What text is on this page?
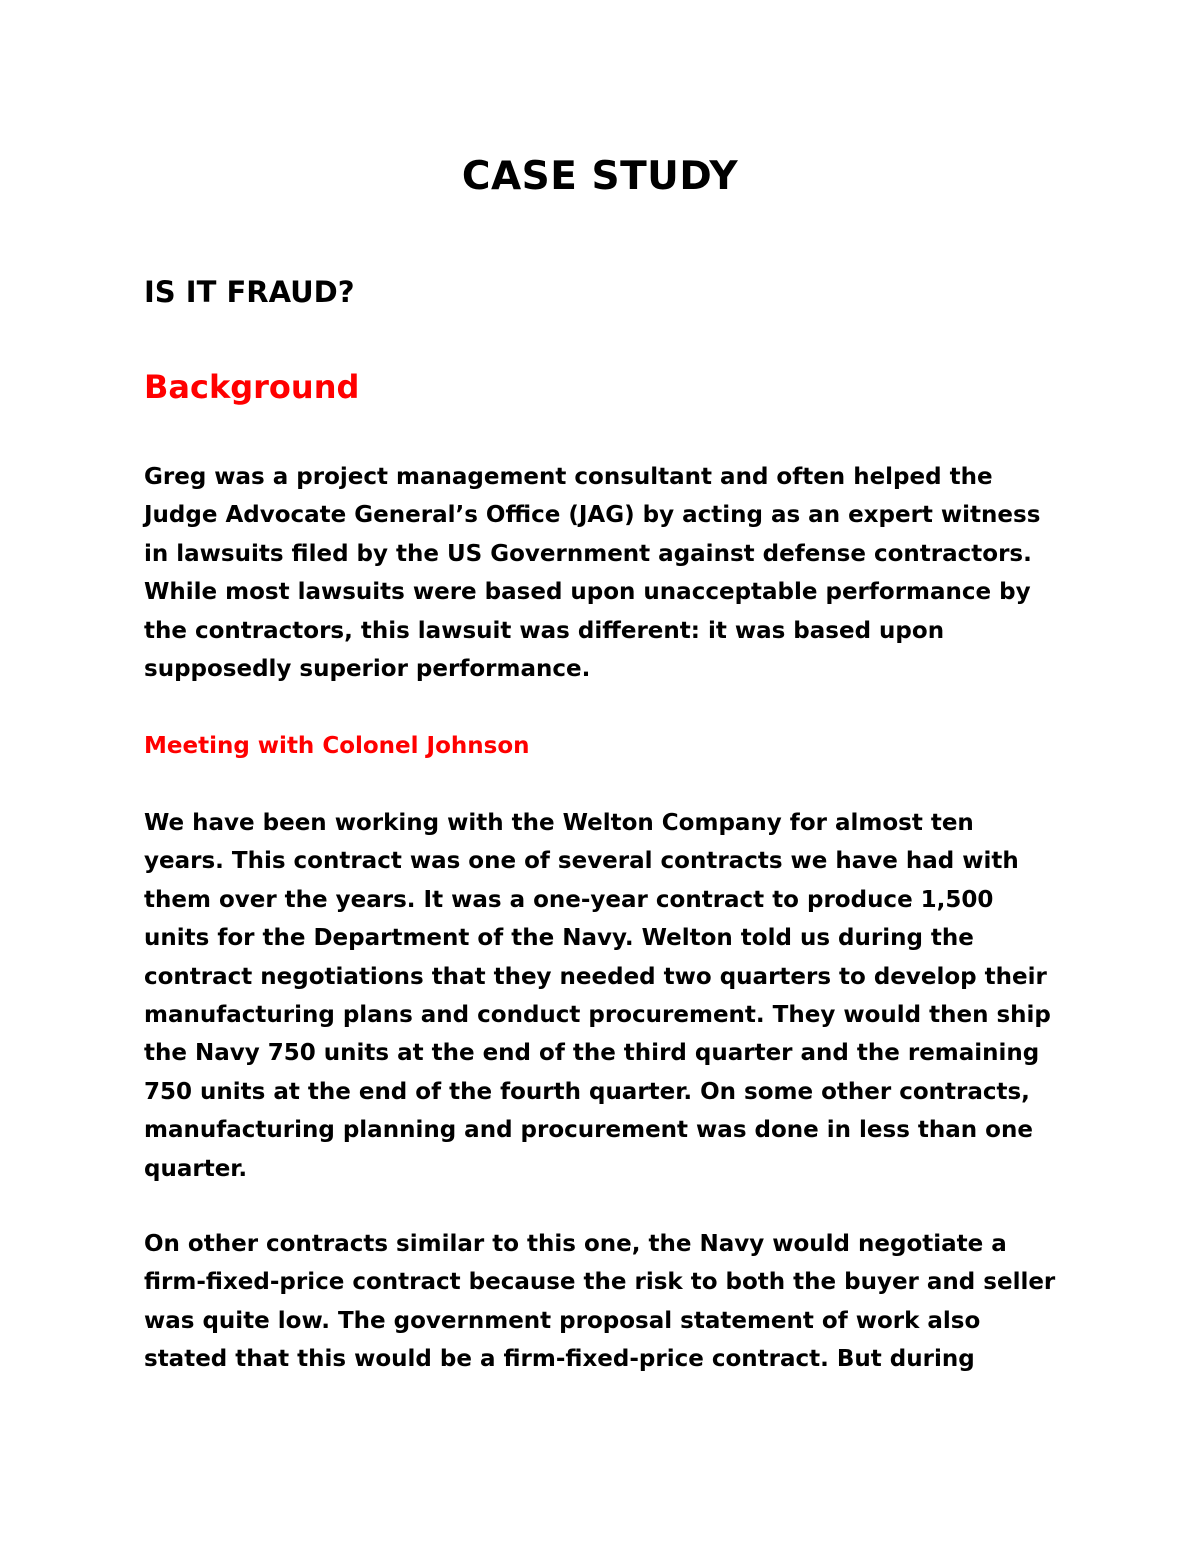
CASE STUDY
IS IT FRAUD?
Background
Greg was a project management consultant and often helped the
Judge Advocate General’s Office (JAG) by acting as an expert witness
in lawsuits filed by the US Government against defense contractors.
While most lawsuits were based upon unacceptable performance by
the contractors, this lawsuit was different: it was based upon
supposedly superior performance.
Meeting with Colonel Johnson
We have been working with the Welton Company for almost ten
years. This contract was one of several contracts we have had with
them over the years. It was a one-year contract to produce 1,500
units for the Department of the Navy. Welton told us during the
contract negotiations that they needed two quarters to develop their
manufacturing plans and conduct procurement. They would then ship
the Navy 750 units at the end of the third quarter and the remaining
750 units at the end of the fourth quarter. On some other contracts,
manufacturing planning and procurement was done in less than one
quarter.
On other contracts similar to this one, the Navy would negotiate a
firm-fixed-price contract because the risk to both the buyer and seller
was quite low. The government proposal statement of work also
stated that this would be a firm-fixed-price contract. But during
